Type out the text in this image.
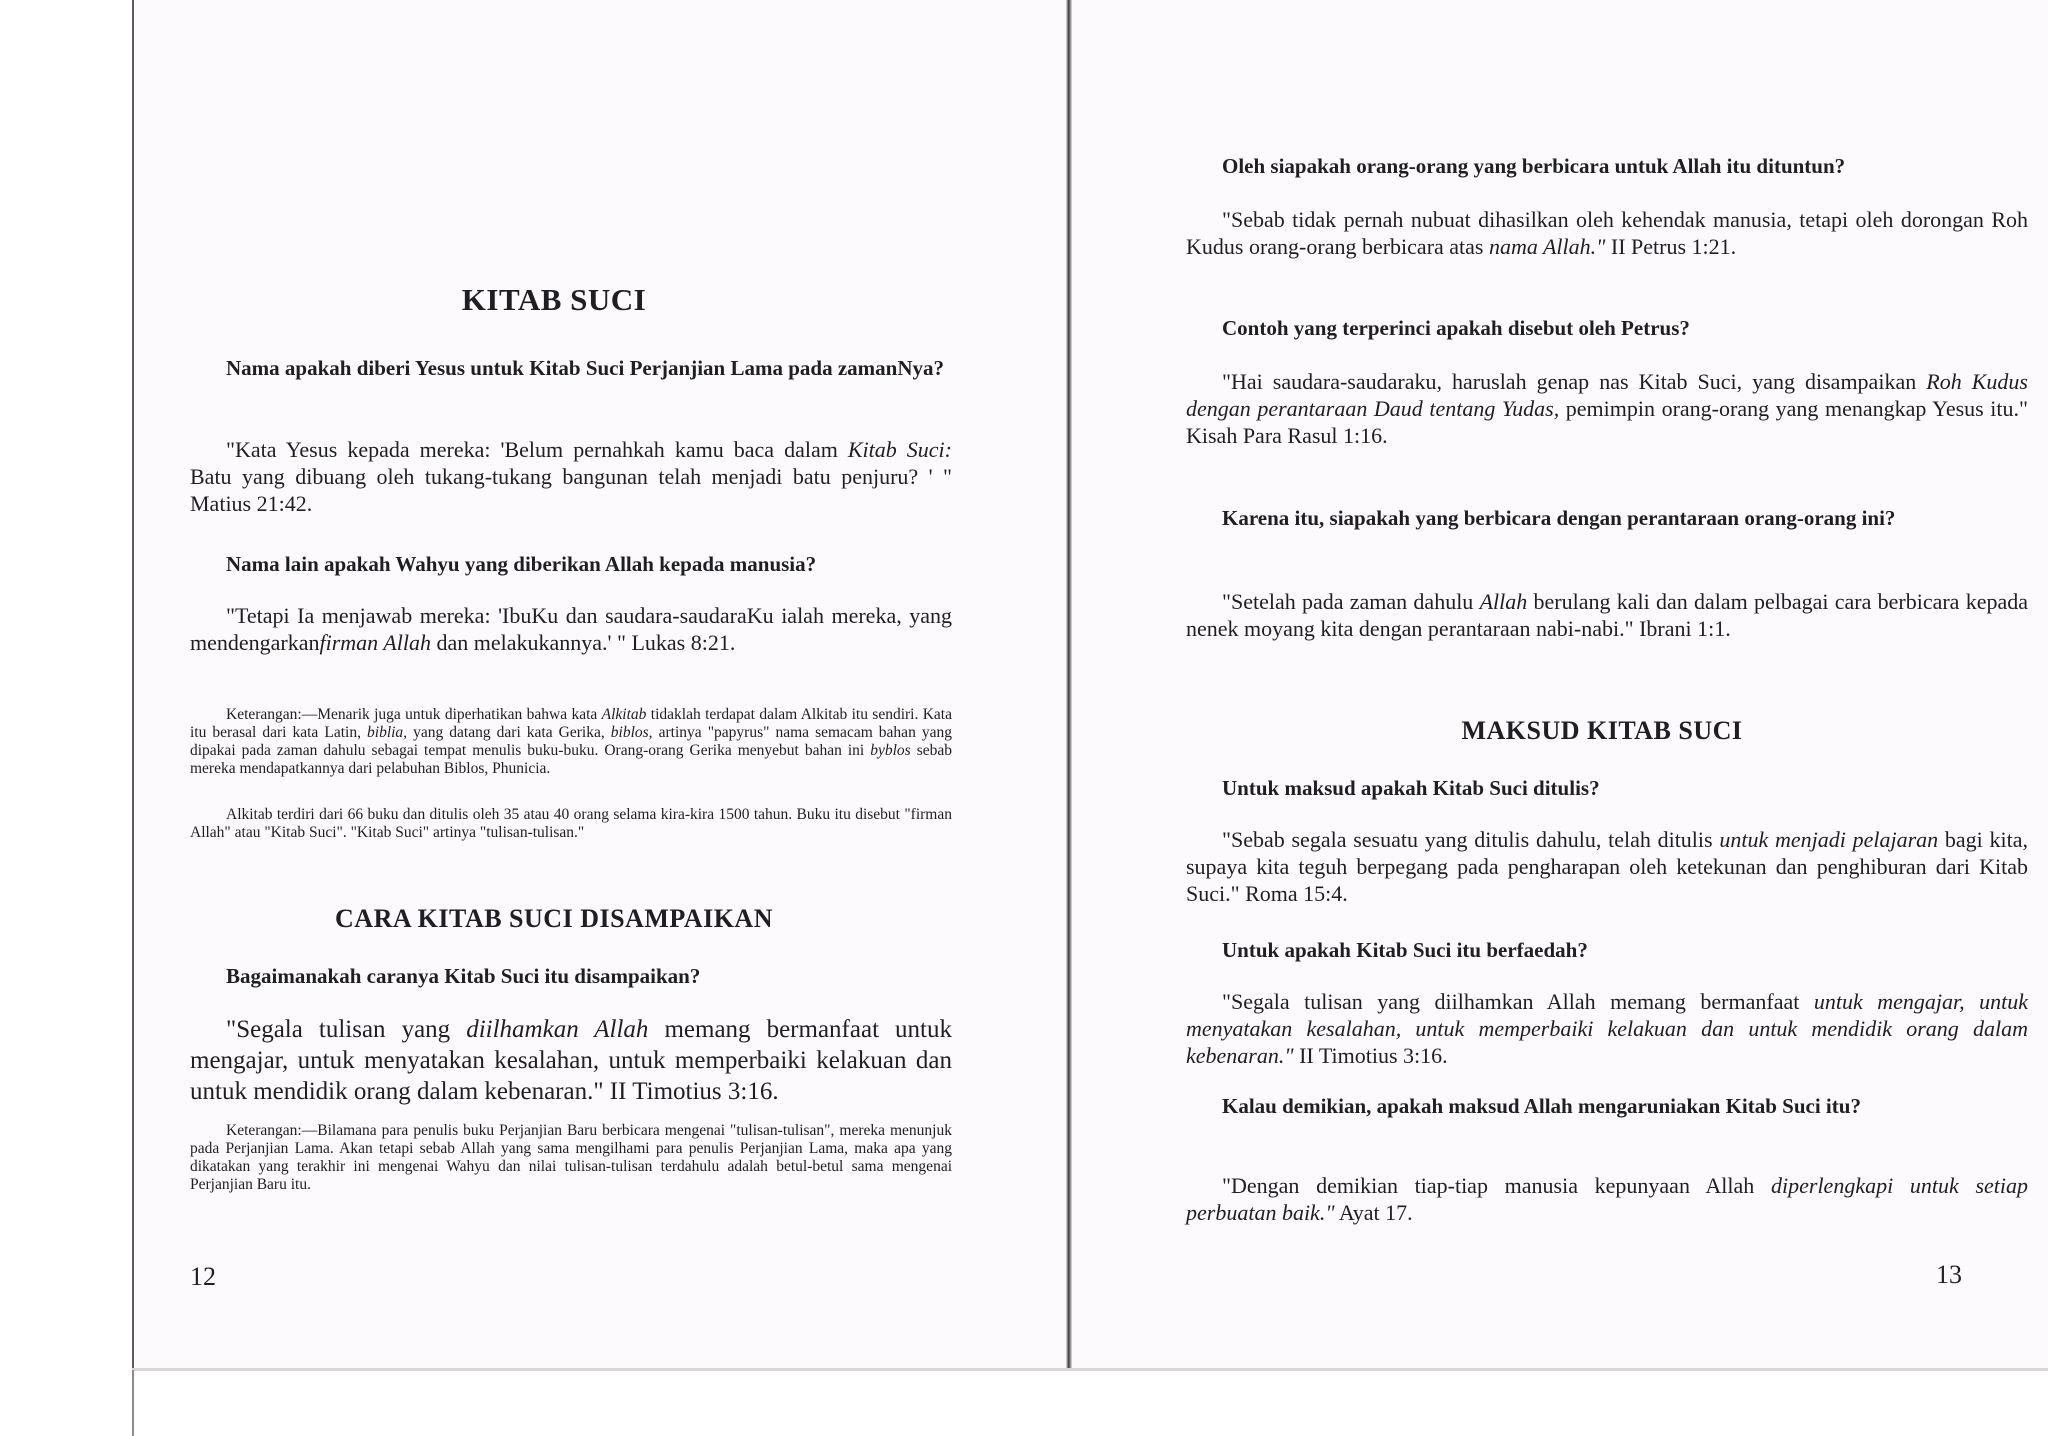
KITAB SUCI

Nama apakah diberi Yesus untuk Kitab Suci Perjanjian Lama pada zamanNya?

"Kata Yesus kepada mereka: 'Belum pernahkah kamu baca dalam Kitab Suci: Batu yang dibuang oleh tukang-tukang bangunan telah menjadi batu penjuru? ' " Matius 21:42.

Nama lain apakah Wahyu yang diberikan Allah kepada manusia?

"Tetapi Ia menjawab mereka: 'IbuKu dan saudara-saudaraKu ialah mereka, yang mendengarkanfirman Allah dan melakukannya.' " Lukas 8:21.

Keterangan:—Menarik juga untuk diperhatikan bahwa kata Alkitab tidaklah terdapat dalam Alkitab itu sendiri. Kata itu berasal dari kata Latin, biblia, yang datang dari kata Gerika, biblos, artinya "papyrus" nama semacam bahan yang dipakai pada zaman dahulu sebagai tempat menulis buku-buku. Orang-orang Gerika menyebut bahan ini byblos sebab mereka mendapatkannya dari pelabuhan Biblos, Phunicia.

Alkitab terdiri dari 66 buku dan ditulis oleh 35 atau 40 orang selama kira-kira 1500 tahun. Buku itu disebut "firman Allah" atau "Kitab Suci". "Kitab Suci" artinya "tulisan-tulisan."

CARA KITAB SUCI DISAMPAIKAN

Bagaimanakah caranya Kitab Suci itu disampaikan?

"Segala tulisan yang diilhamkan Allah memang bermanfaat untuk mengajar, untuk menyatakan kesalahan, untuk memperbaiki kelakuan dan untuk mendidik orang dalam kebenaran." II Timotius 3:16.

Keterangan:—Bilamana para penulis buku Perjanjian Baru berbicara mengenai "tulisan-tulisan", mereka menunjuk pada Perjanjian Lama. Akan tetapi sebab Allah yang sama mengilhami para penulis Perjanjian Lama, maka apa yang dikatakan yang terakhir ini mengenai Wahyu dan nilai tulisan-tulisan terdahulu adalah betul-betul sama mengenai Perjanjian Baru itu.

12

Oleh siapakah orang-orang yang berbicara untuk Allah itu dituntun?

"Sebab tidak pernah nubuat dihasilkan oleh kehendak manusia, tetapi oleh dorongan Roh Kudus orang-orang berbicara atas nama Allah." II Petrus 1:21.

Contoh yang terperinci apakah disebut oleh Petrus?

"Hai saudara-saudaraku, haruslah genap nas Kitab Suci, yang disampaikan Roh Kudus dengan perantaraan Daud tentang Yudas, pemimpin orang-orang yang menangkap Yesus itu." Kisah Para Rasul 1:16.

Karena itu, siapakah yang berbicara dengan perantaraan orang-orang ini?

"Setelah pada zaman dahulu Allah berulang kali dan dalam pelbagai cara berbicara kepada nenek moyang kita dengan perantaraan nabi-nabi." Ibrani 1:1.

MAKSUD KITAB SUCI

Untuk maksud apakah Kitab Suci ditulis?

"Sebab segala sesuatu yang ditulis dahulu, telah ditulis untuk menjadi pelajaran bagi kita, supaya kita teguh berpegang pada pengharapan oleh ketekunan dan penghiburan dari Kitab Suci." Roma 15:4.

Untuk apakah Kitab Suci itu berfaedah?

"Segala tulisan yang diilhamkan Allah memang bermanfaat untuk mengajar, untuk menyatakan kesalahan, untuk memperbaiki kelakuan dan untuk mendidik orang dalam kebenaran." II Timotius 3:16.

Kalau demikian, apakah maksud Allah mengaruniakan Kitab Suci itu?

"Dengan demikian tiap-tiap manusia kepunyaan Allah diperlengkapi untuk setiap perbuatan baik." Ayat 17.

13
